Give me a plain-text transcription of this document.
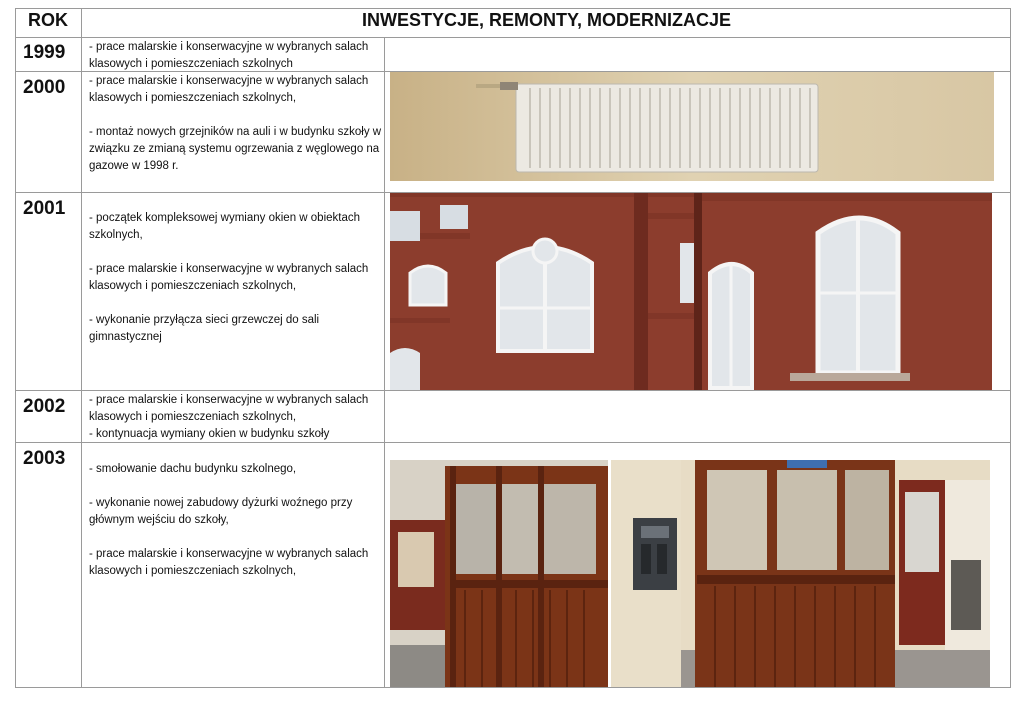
ROK	INWESTYCJE, REMONTY, MODERNIZACJE
1999 - prace malarskie i konserwacyjne w wybranych salach klasowych i pomieszczeniach szkolnych

2000 - prace malarskie i konserwacyjne w wybranych salach klasowych i pomieszczeniach szkolnych,

- montaż nowych grzejników na auli i w budynku szkoły w związku ze zmianą systemu ogrzewania z węglowego na gazowe w 1998 r.

2001 - początek kompleksowej wymiany okien w obiektach szkolnych,

- prace malarskie i konserwacyjne w wybranych salach klasowych i pomieszczeniach szkolnych,

- wykonanie przyłącza sieci grzewczej do sali gimnastycznej

2002 - prace malarskie i konserwacyjne w wybranych salach klasowych i pomieszczeniach szkolnych,

- kontynuacja wymiany okien w budynku szkoły

2003 - smołowanie dachu budynku szkolnego,

- wykonanie nowej zabudowy dyżurki woźnego przy głównym wejściu do szkoły,

- prace malarskie i konserwacyjne w wybranych salach klasowych i pomieszczeniach szkolnych,
